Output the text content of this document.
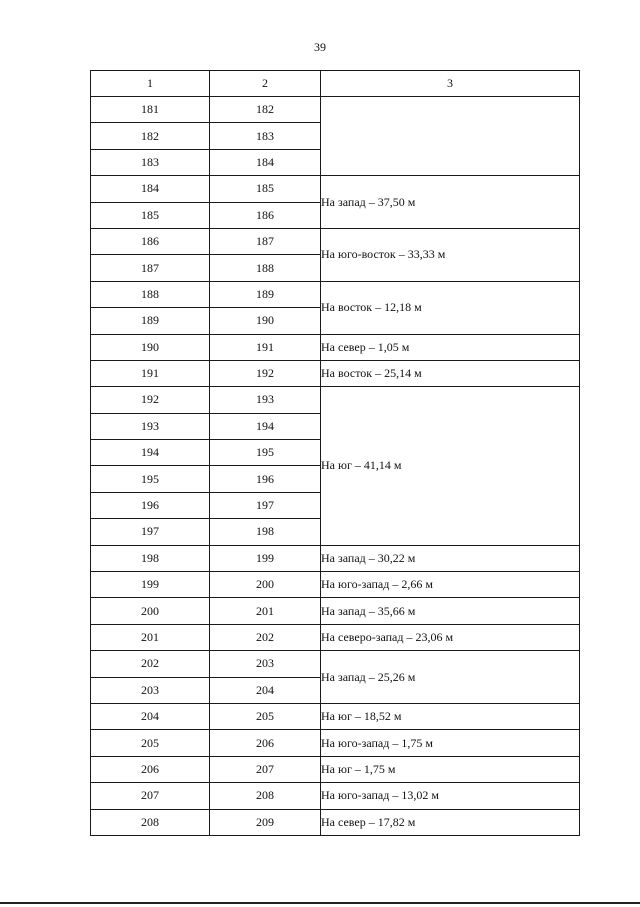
39
1	2	3
181	182	
182	183	
183	184	
184	185	На запад – 37,50 м
185	186	
186	187	На юго-восток – 33,33 м
187	188	
188	189	На восток – 12,18 м
189	190	
190	191	На север – 1,05 м
191	192	На восток – 25,14 м
192	193	На юг – 41,14 м
193	194	
194	195	
195	196	
196	197	
197	198	
198	199	На запад – 30,22 м
199	200	На юго-запад – 2,66 м
200	201	На запад – 35,66 м
201	202	На северо-запад – 23,06 м
202	203	На запад – 25,26 м
203	204	
204	205	На юг – 18,52 м
205	206	На юго-запад – 1,75 м
206	207	На юг – 1,75 м
207	208	На юго-запад – 13,02 м
208	209	На север – 17,82 м
